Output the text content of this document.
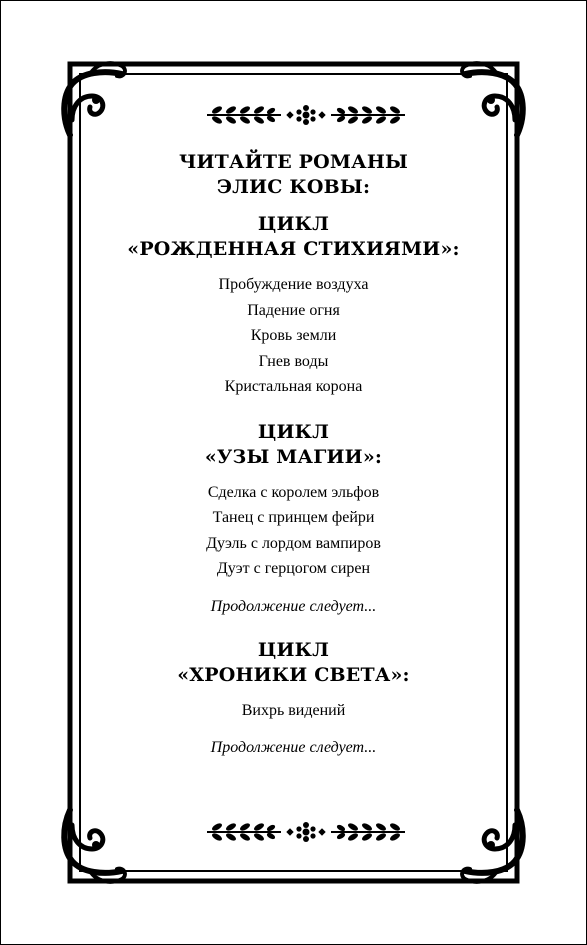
ЧИТАЙТЕ РОМАНЫ
ЭЛИС КОВЫ:
ЦИКЛ
«РОЖДЕННАЯ СТИХИЯМИ»:
Пробуждение воздуха
Падение огня
Кровь земли
Гнев воды
Кристальная корона
ЦИКЛ
«УЗЫ МАГИИ»:
Сделка с королем эльфов
Танец с принцем фейри
Дуэль с лордом вампиров
Дуэт с герцогом сирен
Продолжение следует...
ЦИКЛ
«ХРОНИКИ СВЕТА»:
Вихрь видений
Продолжение следует...
